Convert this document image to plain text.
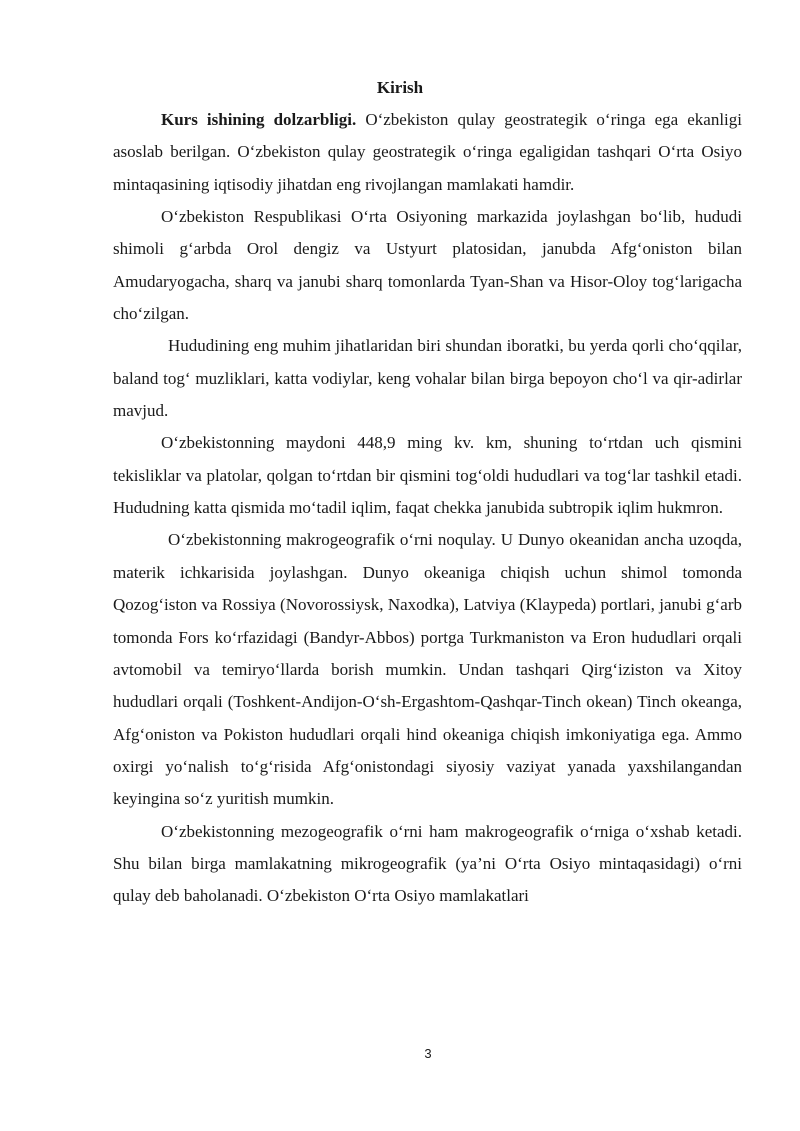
Kirish

Kurs ishining dolzarbligi. O‘zbekiston qulay geostrategik o‘ringa ega ekanligi asoslab berilgan. O‘zbekiston qulay geostrategik o‘ringa egaligidan tashqari O‘rta Osiyo mintaqasining iqtisodiy jihatdan eng rivojlangan mamlakati hamdir.

O‘zbekiston Respublikasi O‘rta Osiyoning markazida joylashgan bo‘lib, hududi shimoli g‘arbda Orol dengiz va Ustyurt platosidan, janubda Afg‘oniston bilan Amudaryogacha, sharq va janubi sharq tomonlarda Tyan-Shan va Hisor-Oloy tog‘larigacha cho‘zilgan.

Hududining eng muhim jihatlaridan biri shundan iboratki, bu yerda qorli cho‘qqilar, baland tog‘ muzliklari, katta vodiylar, keng vohalar bilan birga bepoyon cho‘l va qir-adirlar mavjud.

O‘zbekistonning maydoni 448,9 ming kv. km, shuning to‘rtdan uch qismini tekisliklar va platolar, qolgan to‘rtdan bir qismini tog‘oldi hududlari va tog‘lar tashkil etadi. Hududning katta qismida mo‘tadil iqlim, faqat chekka janubida subtropik iqlim hukmron.

O‘zbekistonning makrogeografik o‘rni noqulay. U Dunyo okeanidan ancha uzoqda, materik ichkarisida joylashgan. Dunyo okeaniga chiqish uchun shimol tomonda Qozog‘iston va Rossiya (Novorossiysk, Naxodka), Latviya (Klaypeda) portlari, janubi g‘arb tomonda Fors ko‘rfazidagi (Bandyr-Abbos) portga Turkmaniston va Eron hududlari orqali avtomobil va temiryo‘llarda borish mumkin. Undan tashqari Qirg‘iziston va Xitoy hududlari orqali (Toshkent-Andijon-O‘sh-Ergashtom-Qashqar-Tinch okean) Tinch okeanga, Afg‘oniston va Pokiston hududlari orqali hind okeaniga chiqish imkoniyatiga ega. Ammo oxirgi yo‘nalish to‘g‘risida Afg‘onistondagi siyosiy vaziyat yanada yaxshilangandan keyingina so‘z yuritish mumkin.

O‘zbekistonning mezogeografik o‘rni ham makrogeografik o‘rniga o‘xshab ketadi. Shu bilan birga mamlakatning mikrogeografik (ya’ni O‘rta Osiyo mintaqasidagi) o‘rni qulay deb baholanadi. O‘zbekiston O‘rta Osiyo mamlakatlari

3
